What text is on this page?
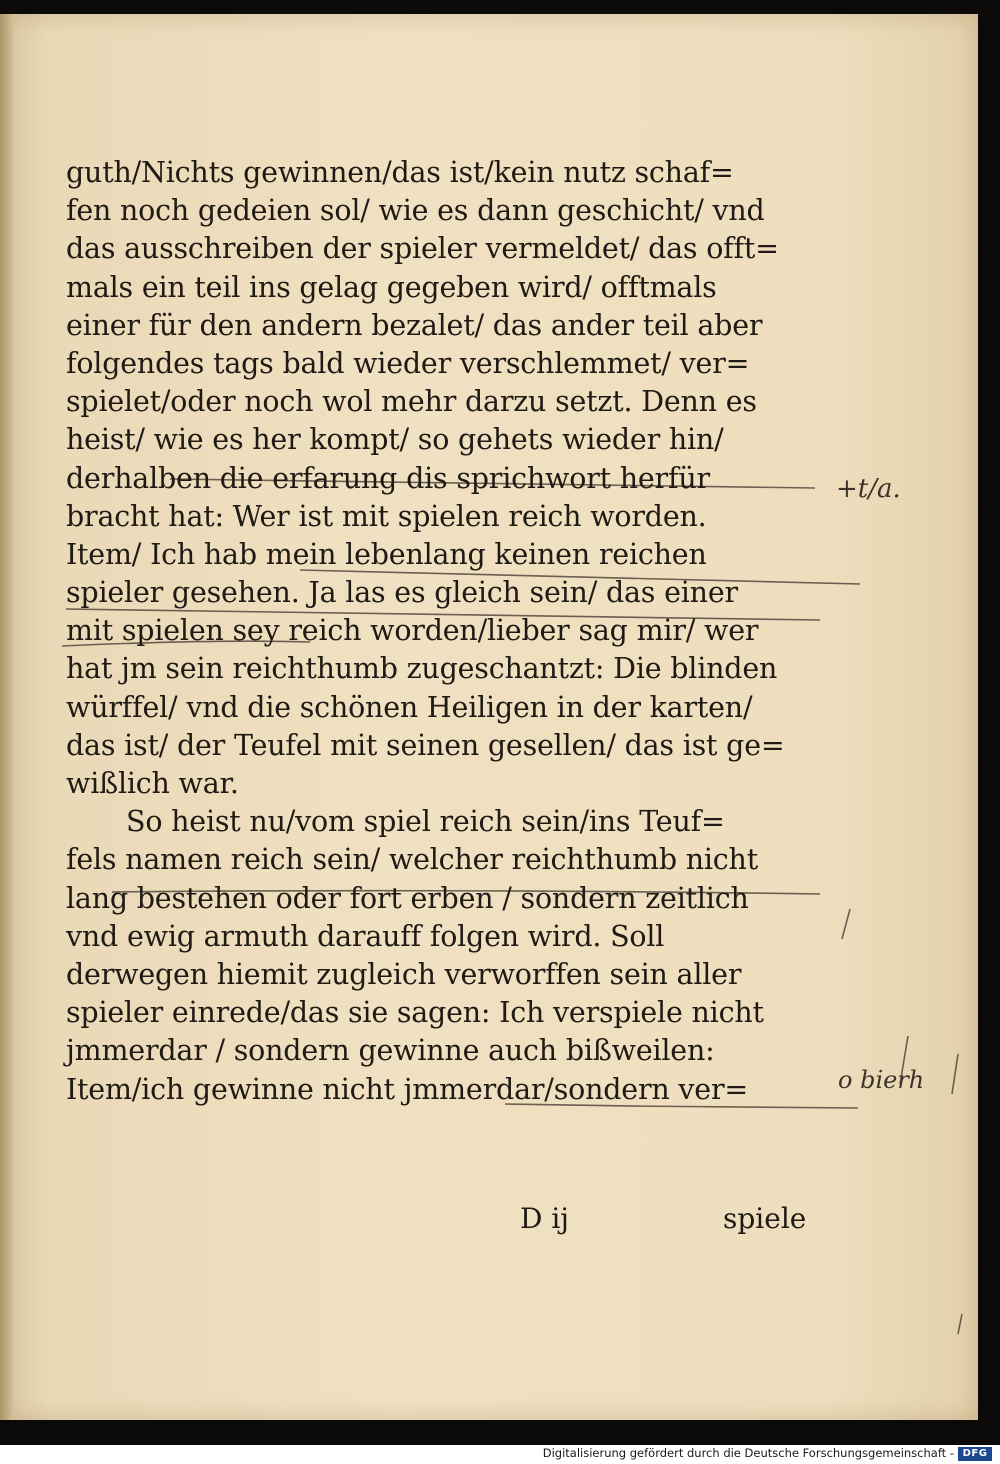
guth/Nichts gewinnen/das ist/kein nutz schaf=
fen noch gedeien sol/ wie es dann geschicht/ vnd
das ausschreiben der spieler vermeldet/ das offt=
mals ein teil ins gelag gegeben wird/ offtmals
einer für den andern bezalet/ das ander teil aber
folgendes tags bald wieder verschlemmet/ ver=
spielet/oder noch wol mehr darzu setzt. Denn es
heist/ wie es her kompt/ so gehets wieder hin/
derhalben die erfarung dis sprichwort herfür
bracht hat: Wer ist mit spielen reich worden.
Item/ Ich hab mein lebenlang keinen reichen
spieler gesehen. Ja las es gleich sein/ das einer
mit spielen sey reich worden/lieber sag mir/ wer
hat jm sein reichthumb zugeschantzt: Die blinden
würffel/ vnd die schönen Heiligen in der karten/
das ist/ der Teufel mit seinen gesellen/ das ist ge=
wißlich war.
So heist nu/vom spiel reich sein/ins Teuf=
fels namen reich sein/ welcher reichthumb nicht
lang bestehen oder fort erben / sondern zeitlich
vnd ewig armuth darauff folgen wird. Soll
derwegen hiemit zugleich verworffen sein aller
spieler einrede/das sie sagen: Ich verspiele nicht
jmmerdar / sondern gewinne auch bißweilen:
Item/ich gewinne nicht jmmerdar/sondern ver=
D ij	spiele
+t/a.
o bierh
Digitalisierung gefördert durch die Deutsche Forschungsgemeinschaft - DFG
